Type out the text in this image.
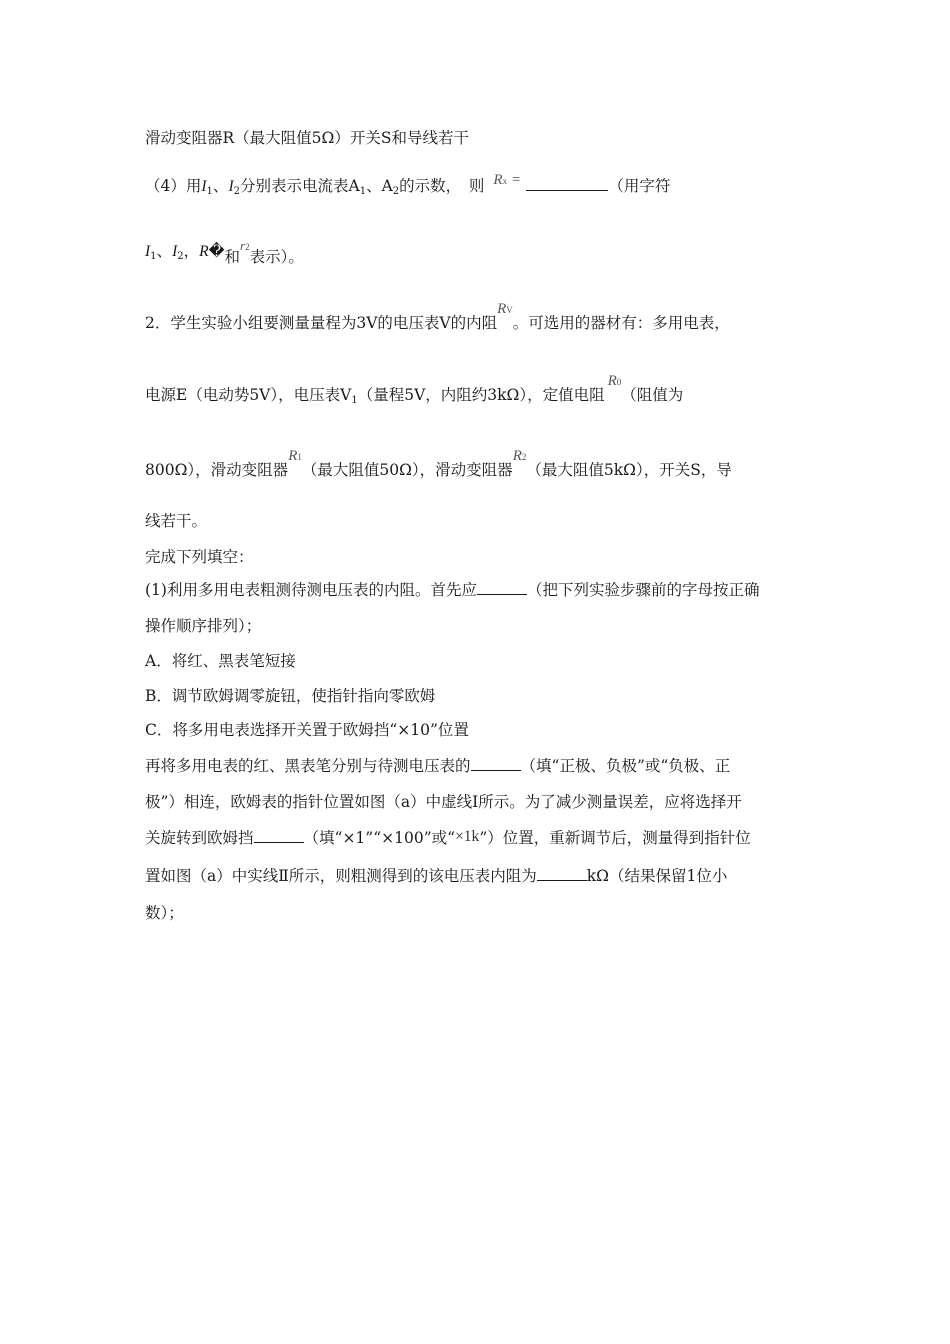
滑动变阻器R（最大阻值5Ω）开关S和导线若干
（4）用$I_1$、$I_2$分别表示电流表$A_1$、$A_2$的示数，　则 Rx =	（用字符
$I_1$、$I_2$，R�和r2表示）。
2．学生实验小组要测量量程为3V的电压表V的内阻RV。可选用的器材有：多用电表，
电源E（电动势5V），电压表$V_1$（量程5V，内阻约3kΩ），定值电阻R0（阻值为
800Ω），滑动变阻器R1（最大阻值50Ω），滑动变阻器R2（最大阻值5kΩ），开关S，导
线若干。
完成下列填空：
(1)利用多用电表粗测待测电压表的内阻。首先应	（把下列实验步骤前的字母按正确
操作顺序排列）；
A．将红、黑表笔短接
B．调节欧姆调零旋钮，使指针指向零欧姆
C．将多用电表选择开关置于欧姆挡“×10”位置
再将多用电表的红、黑表笔分别与待测电压表的	（填“正极、负极”或“负极、正
极”）相连，欧姆表的指针位置如图（a）中虚线Ⅰ所示。为了减少测量误差，应将选择开
关旋转到欧姆挡	（填“×1”“×100”或“×1k”）位置，重新调节后，测量得到指针位
置如图（a）中实线Ⅱ所示，则粗测得到的该电压表内阻为	kΩ（结果保留1位小
数）；
